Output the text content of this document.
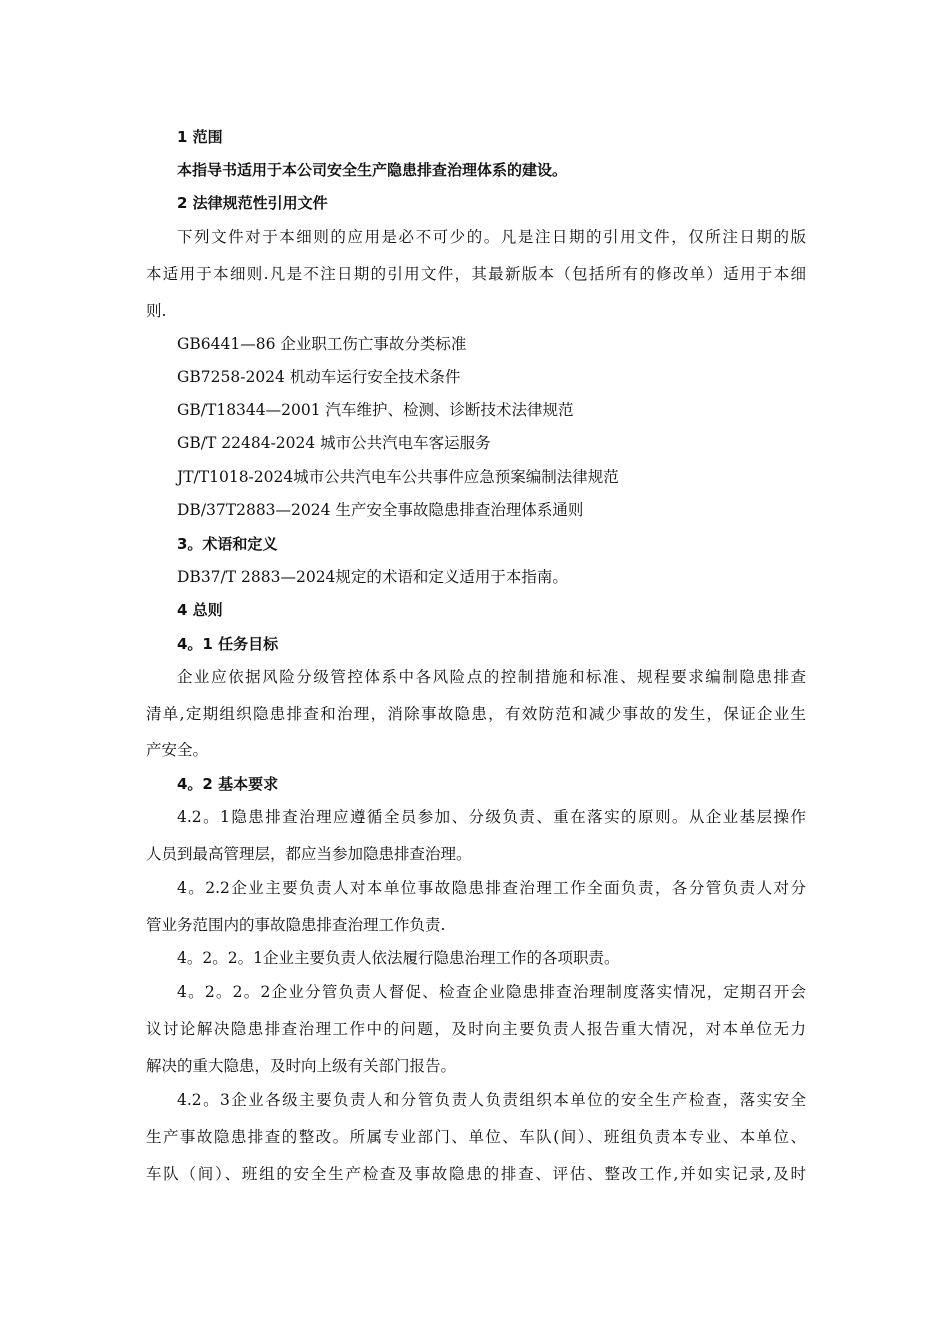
1 范围
本指导书适用于本公司安全生产隐患排查治理体系的建设。
2 法律规范性引用文件
下列文件对于本细则的应用是必不可少的。凡是注日期的引用文件，仅所注日期的版
本适用于本细则.凡是不注日期的引用文件，其最新版本（包括所有的修改单）适用于本细
则.
GB6441—86 企业职工伤亡事故分类标准
GB7258-2024 机动车运行安全技术条件
GB/T18344—2001 汽车维护、检测、诊断技术法律规范
GB/T 22484-2024 城市公共汽电车客运服务
JT/T1018-2024城市公共汽电车公共事件应急预案编制法律规范
DB/37T2883—2024 生产安全事故隐患排查治理体系通则
3。术语和定义
DB37/T 2883—2024规定的术语和定义适用于本指南。
4 总则
4。1 任务目标
企业应依据风险分级管控体系中各风险点的控制措施和标准、规程要求编制隐患排查
清单,定期组织隐患排查和治理，消除事故隐患，有效防范和减少事故的发生，保证企业生
产安全。
4。2 基本要求
4.2。1隐患排查治理应遵循全员参加、分级负责、重在落实的原则。从企业基层操作
人员到最高管理层，都应当参加隐患排查治理。
4。2.2企业主要负责人对本单位事故隐患排查治理工作全面负责，各分管负责人对分
管业务范围内的事故隐患排查治理工作负责.
4。2。2。1企业主要负责人依法履行隐患治理工作的各项职责。
4。2。2。2企业分管负责人督促、检查企业隐患排查治理制度落实情况，定期召开会
议讨论解决隐患排查治理工作中的问题，及时向主要负责人报告重大情况，对本单位无力
解决的重大隐患，及时向上级有关部门报告。
4.2。3企业各级主要负责人和分管负责人负责组织本单位的安全生产检查，落实安全
生产事故隐患排查的整改。所属专业部门、单位、车队(间）、班组负责本专业、本单位、
车队（间）、班组的安全生产检查及事故隐患的排查、评估、整改工作,并如实记录,及时
